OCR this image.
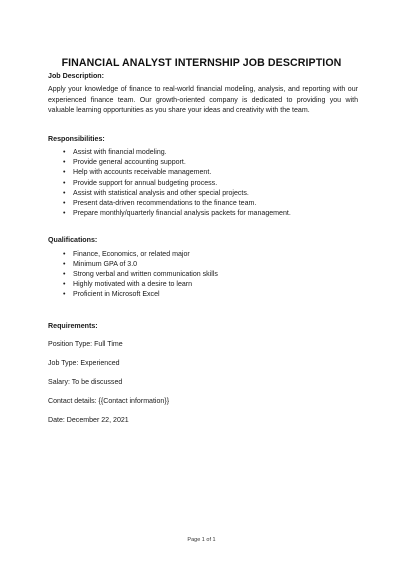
FINANCIAL ANALYST INTERNSHIP JOB DESCRIPTION

Job Description:

Apply your knowledge of finance to real-world financial modeling, analysis, and reporting with our experienced finance team. Our growth-oriented company is dedicated to providing you with valuable learning opportunities as you share your ideas and creativity with the team.

Responsibilities:

• Assist with financial modeling.
• Provide general accounting support.
• Help with accounts receivable management.
• Provide support for annual budgeting process.
• Assist with statistical analysis and other special projects.
• Present data-driven recommendations to the finance team.
• Prepare monthly/quarterly financial analysis packets for management.

Qualifications:

• Finance, Economics, or related major
• Minimum GPA of 3.0
• Strong verbal and written communication skills
• Highly motivated with a desire to learn
• Proficient in Microsoft Excel

Requirements:

Position Type: Full Time

Job Type: Experienced

Salary: To be discussed

Contact details: {{Contact information}}

Date: December 22, 2021

Page 1 of 1
